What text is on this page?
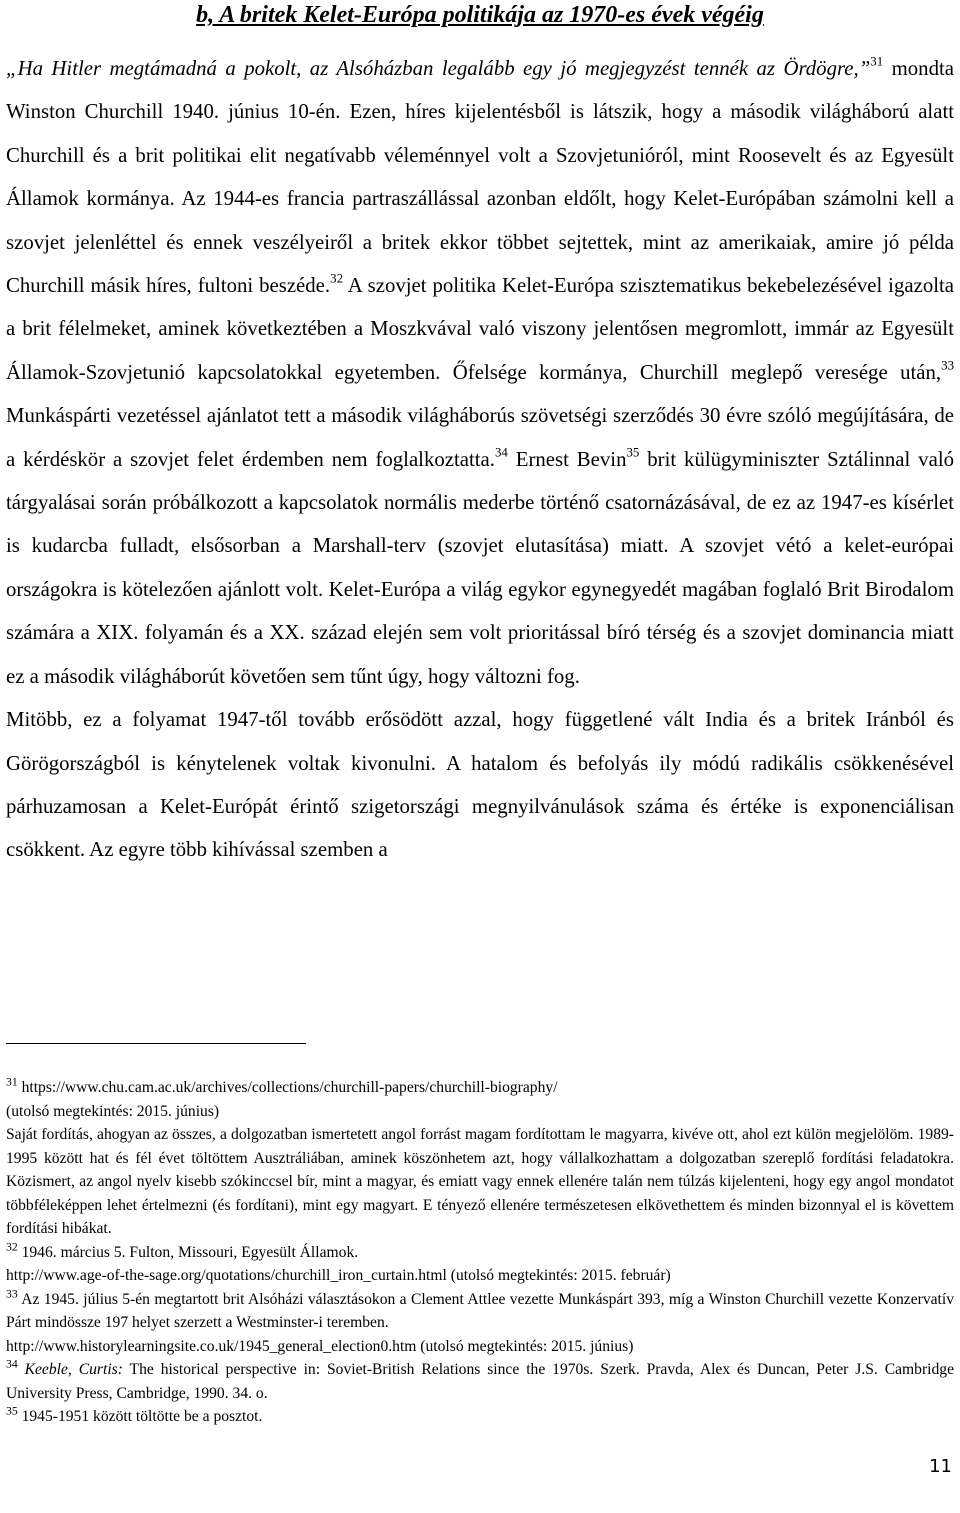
b, A britek Kelet-Európa politikája az 1970-es évek végéig

„Ha Hitler megtámadná a pokolt, az Alsóházban legalább egy jó megjegyzést tennék az Ördögre,”$^{31}$ mondta Winston Churchill 1940. június 10-én. Ezen, híres kijelentésből is látszik, hogy a második világháború alatt Churchill és a brit politikai elit negatívabb véleménnyel volt a Szovjetunióról, mint Roosevelt és az Egyesült Államok kormánya. Az 1944-es francia partraszállással azonban eldőlt, hogy Kelet-Európában számolni kell a szovjet jelenléttel és ennek veszélyeiről a britek ekkor többet sejtettek, mint az amerikaiak, amire jó példa Churchill másik híres, fultoni beszéde.$^{32}$ A szovjet politika Kelet-Európa szisztematikus bekebelezésével igazolta a brit félelmeket, aminek következtében a Moszkvával való viszony jelentősen megromlott, immár az Egyesült Államok-Szovjetunió kapcsolatokkal egyetemben. Őfelsége kormánya, Churchill meglepő veresége után,$^{33}$ Munkáspárti vezetéssel ajánlatot tett a második világháborús szövetségi szerződés 30 évre szóló megújítására, de a kérdéskör a szovjet felet érdemben nem foglalkoztatta.$^{34}$ Ernest Bevin$^{35}$ brit külügyminiszter Sztálinnal való tárgyalásai során próbálkozott a kapcsolatok normális mederbe történő csatornázásával, de ez az 1947-es kísérlet is kudarcba fulladt, elsősorban a Marshall-terv (szovjet elutasítása) miatt. A szovjet vétó a kelet-európai országokra is kötelezően ajánlott volt. Kelet-Európa a világ egykor egynegyedét magában foglaló Brit Birodalom számára a XIX. folyamán és a XX. század elején sem volt prioritással bíró térség és a szovjet dominancia miatt ez a második világháborút követően sem tűnt úgy, hogy változni fog.

Mitöbb, ez a folyamat 1947-től tovább erősödött azzal, hogy függetlené vált India és a britek Iránból és Görögországból is kénytelenek voltak kivonulni. A hatalom és befolyás ily módú radikális csökkenésével párhuzamosan a Kelet-Európát érintő szigetországi megnyilvánulások száma és értéke is exponenciálisan csökkent. Az egyre több kihívással szemben a

$^{31}$ https://www.chu.cam.ac.uk/archives/collections/churchill-papers/churchill-biography/

(utolsó megtekintés: 2015. június)

Saját fordítás, ahogyan az összes, a dolgozatban ismertetett angol forrást magam fordítottam le magyarra, kivéve ott, ahol ezt külön megjelölöm. 1989-1995 között hat és fél évet töltöttem Ausztráliában, aminek köszönhetem azt, hogy vállalkozhattam a dolgozatban szereplő fordítási feladatokra. Közismert, az angol nyelv kisebb szókinccsel bír, mint a magyar, és emiatt vagy ennek ellenére talán nem túlzás kijelenteni, hogy egy angol mondatot többféleképpen lehet értelmezni (és fordítani), mint egy magyart. E tényező ellenére természetesen elkövethettem és minden bizonnyal el is követtem fordítási hibákat.

$^{32}$ 1946. március 5. Fulton, Missouri, Egyesült Államok.

http://www.age-of-the-sage.org/quotations/churchill_iron_curtain.html (utolsó megtekintés: 2015. február)

$^{33}$ Az 1945. július 5-én megtartott brit Alsóházi választásokon a Clement Attlee vezette Munkáspárt 393, míg a Winston Churchill vezette Konzervatív Párt mindössze 197 helyet szerzett a Westminster-i teremben.

http://www.historylearningsite.co.uk/1945_general_election0.htm (utolsó megtekintés: 2015. június)

$^{34}$ Keeble, Curtis: The historical perspective in: Soviet-British Relations since the 1970s. Szerk. Pravda, Alex és Duncan, Peter J.S. Cambridge University Press, Cambridge, 1990. 34. o.

$^{35}$ 1945-1951 között töltötte be a posztot.

11
